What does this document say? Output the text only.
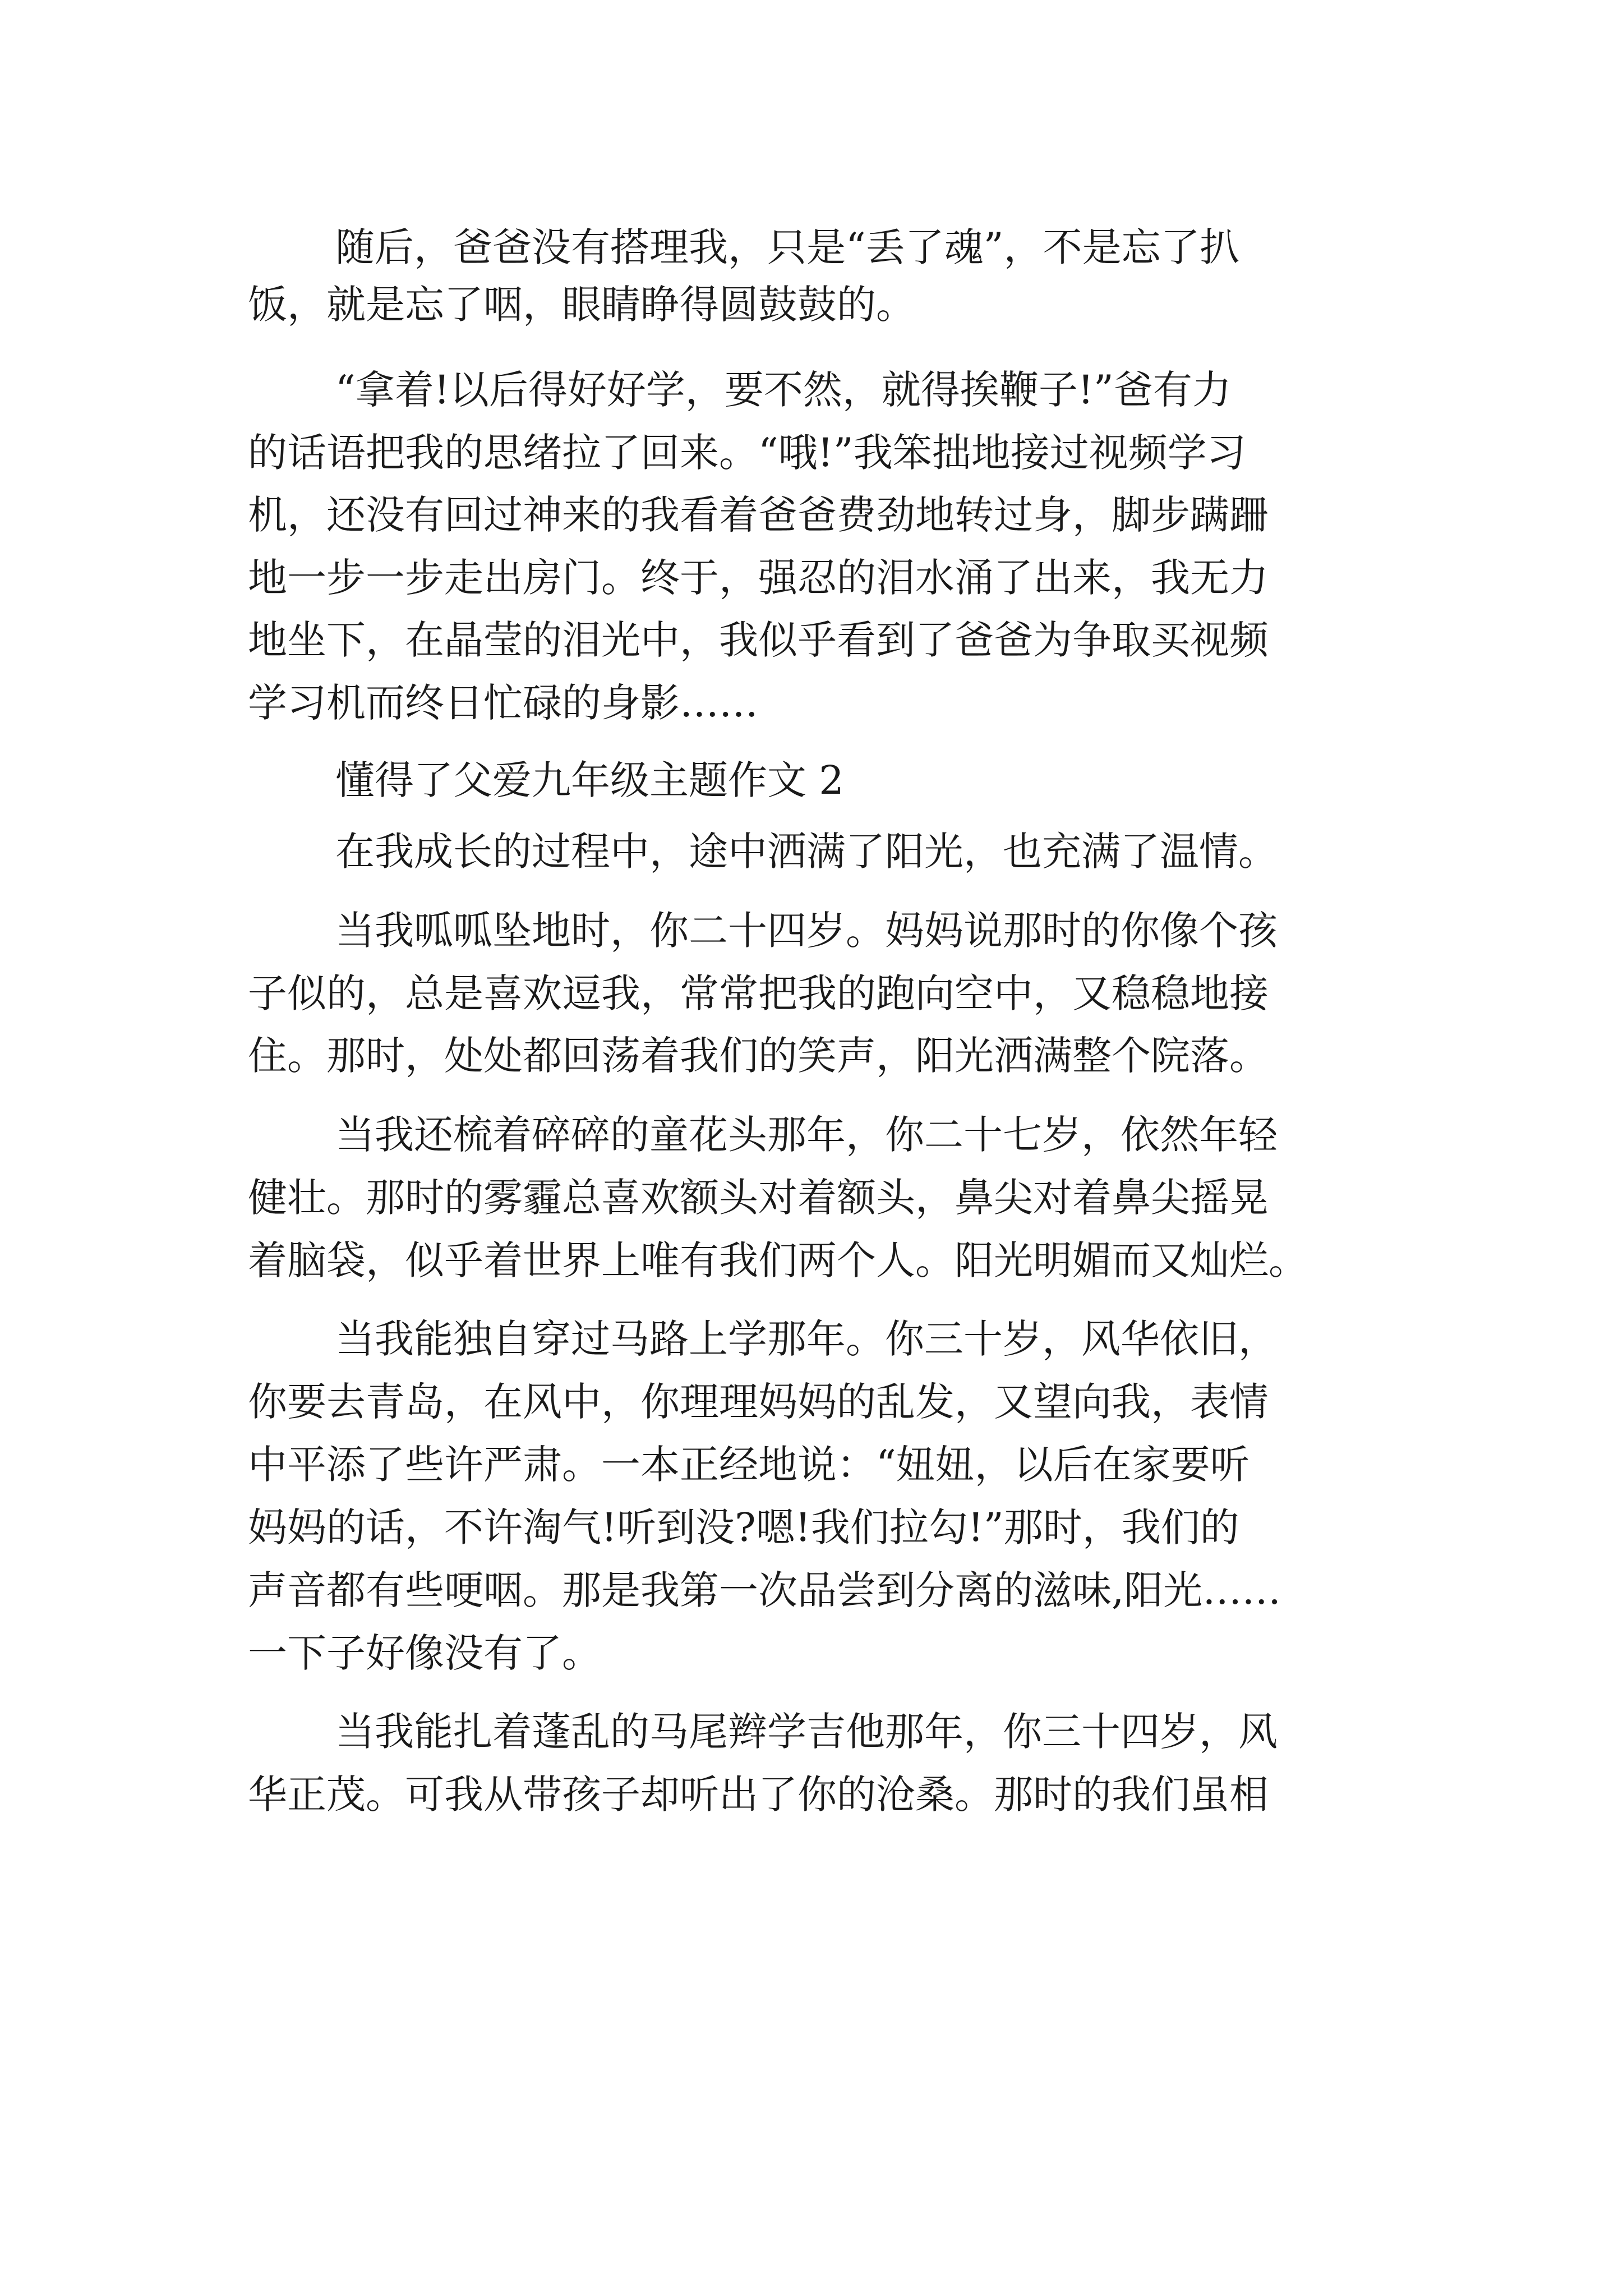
随后，爸爸没有搭理我，只是“丢了魂”，不是忘了扒
饭，就是忘了咽，眼睛睁得圆鼓鼓的。
“拿着!以后得好好学，要不然，就得挨鞭子!”爸有力
的话语把我的思绪拉了回来。“哦!”我笨拙地接过视频学习
机，还没有回过神来的我看着爸爸费劲地转过身，脚步蹒跚
地一步一步走出房门。终于，强忍的泪水涌了出来，我无力
地坐下，在晶莹的泪光中，我似乎看到了爸爸为争取买视频
学习机而终日忙碌的身影……
懂得了父爱九年级主题作文 2
在我成长的过程中，途中洒满了阳光，也充满了温情。
当我呱呱坠地时，你二十四岁。妈妈说那时的你像个孩
子似的，总是喜欢逗我，常常把我的跑向空中，又稳稳地接
住。那时，处处都回荡着我们的笑声，阳光洒满整个院落。
当我还梳着碎碎的童花头那年，你二十七岁，依然年轻
健壮。那时的雾霾总喜欢额头对着额头，鼻尖对着鼻尖摇晃
着脑袋，似乎着世界上唯有我们两个人。阳光明媚而又灿烂。
当我能独自穿过马路上学那年。你三十岁，风华依旧，
你要去青岛，在风中，你理理妈妈的乱发，又望向我，表情
中平添了些许严肃。一本正经地说：“妞妞，以后在家要听
妈妈的话，不许淘气!听到没?嗯!我们拉勾!”那时，我们的
声音都有些哽咽。那是我第一次品尝到分离的滋味,阳光……
一下子好像没有了。
当我能扎着蓬乱的马尾辫学吉他那年，你三十四岁，风
华正茂。可我从带孩子却听出了你的沧桑。那时的我们虽相
